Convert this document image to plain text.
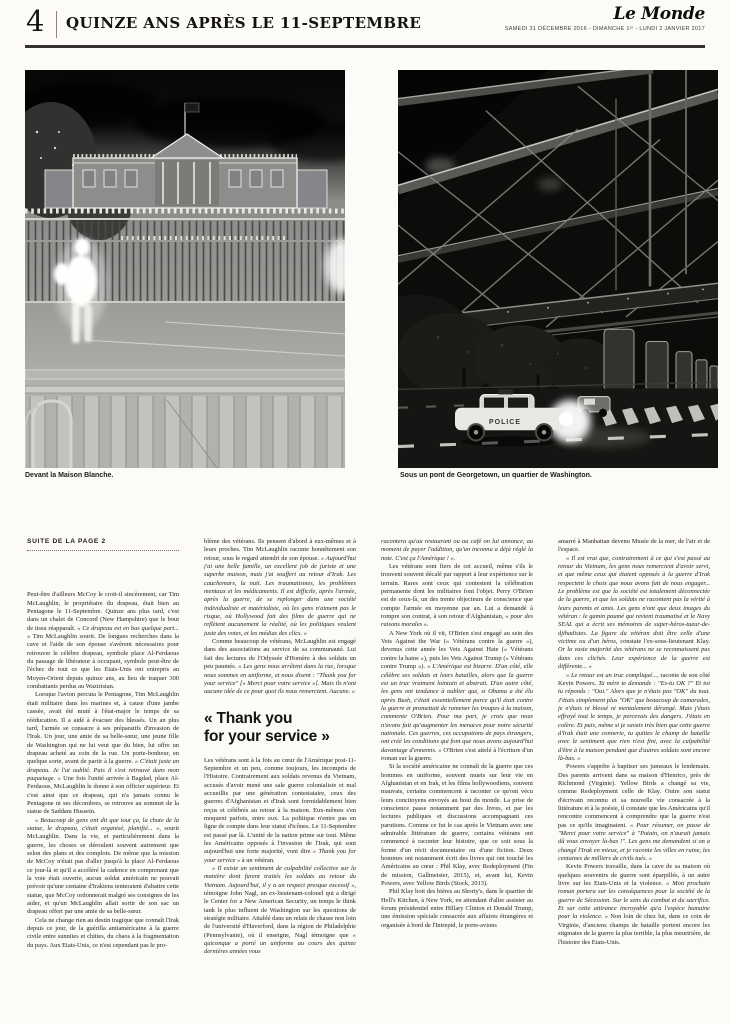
4 QUINZE ANS APRÈS LE 11-SEPTEMBRE	Le Monde
SAMEDI 31 DÉCEMBRE 2016 - DIMANCHE 1ᵉʳ - LUNDI 2 JANVIER 2017
POLICE
Devant la Maison Blanche.	Sous un pont de Georgetown, un quartier de Washington.
SUITE DE LA PAGE 2

Peut-être d'ailleurs McCoy le croit-il sincèrement, car Tim McLaughlin, le propriétaire du drapeau, était bien au Pentagone le 11-Septembre. Quinze ans plus tard, c'est dans un chalet de Concord (New Hampshire) que le bout de tissu réapparaît. « Ce drapeau est en bas quelque part... » Tim McLaughlin sourit. De longues recherches dans la cave et l'aide de son épouse s'avèrent nécessaires pour retrouver le célèbre drapeau, symbole place Al-Ferdaous du passage de libérateur à occupant, symbole peut-être de l'échec de tout ce que les Etats-Unis ont entrepris au Moyen-Orient depuis quinze ans, au lieu de traquer 300 combattants perdus au Waziristan.

Lorsque l'avion percuta le Pentagone, Tim McLaughlin était militaire dans les marines et, à cause d'une jambe cassée, avait été muté à l'état-major le temps de sa rééducation. Il a aidé à évacuer des blessés. Un an plus tard, l'armée se consacre à ses préparatifs d'invasion de l'Irak. Un jour, une amie de sa belle-sœur, une jeune fille de Washington qui ne lui veut que du bien, lui offre un drapeau acheté au coin de la rue. Un porte-bonheur, en quelque sorte, avant de partir à la guerre. « C'était juste un drapeau. Je l'ai oublié. Puis il s'est retrouvé dans mon paquetage. » Une fois l'unité arrivée à Bagdad, place Al-Ferdaous, McLaughlin le donne à son officier supérieur. Et c'est ainsi que ce drapeau, qui n'a jamais connu le Pentagone ni ses décombres, se retrouve au sommet de la statue de Saddam Hussein.

« Beaucoup de gens ont dit que tout ça, la chute de la statue, le drapeau, c'était organisé, planifié... », sourit McLaughlin. Dans la vie, et particulièrement dans la guerre, les choses se déroulent souvent autrement que selon des plans et des complots. De même que la mission de McCoy n'était pas d'aller jusqu'à la place Al-Ferdaous ce jour-là et qu'il a accéléré la cadence en comprenant que la voie était ouverte, aucun soldat américain ne pouvait prévoir qu'une centaine d'Irakiens tenteraient d'abattre cette statue, que McCoy ordonnerait malgré ses consignes de les aider, et qu'un McLaughlin allait sortir de son sac un drapeau offert par une amie de sa belle-sœur.

Cela ne change rien au destin tragique que connaît l'Irak depuis ce jour, de la guérilla antiaméricaine à la guerre civile entre sunnites et chiites, du chaos à la fragmentation du pays. Aux Etats-Unis, ce n'est cependant pas le pro-

blème des vétérans. Ils pensent d'abord à eux-mêmes et à leurs proches. Tim McLaughlin raconte honnêtement son retour, sous le regard attendri de son épouse. « Aujourd'hui j'ai une belle famille, un excellent job de juriste et une superbe maison, mais j'ai souffert au retour d'Irak. Les cauchemars, la nuit. Les traumatismes, les problèmes mentaux et les médicaments. Il est difficile, après l'armée, après la guerre, de se replonger dans une société individualiste et matérialiste, où les gens n'aiment pas le risque, où Hollywood fait des films de guerre qui ne reflètent aucunement la réalité, où les politiques veulent juste des votes, et les médias des clics. »

Comme beaucoup de vétérans, McLaughlin est engagé dans des associations au service de sa communauté. Lui fait des lectures de l'Odyssée d'Homère à des soldats un peu paumés. « Les gens nous arrêtent dans la rue, lorsque nous sommes en uniforme, et nous disent : "Thank you for your service" [« Merci pour votre service »]. Mais ils n'ont aucune idée de ce pour quoi ils nous remercient. Aucune. »

« Thank you
for your service »

Les vétérans sont à la fois au cœur de l'Amérique post-11-Septembre et un peu, comme toujours, les incompris de l'Histoire. Contrairement aux soldats revenus du Vietnam, accusés d'avoir mené une sale guerre colonialiste et mal accueillis par une génération contestataire, ceux des guerres d'Afghanistan et d'Irak sont formidablement bien reçus et célébrés au retour à la maison. Eux-mêmes s'en moquent parfois, entre eux. La politique n'entre pas en ligne de compte dans leur statut d'icônes. Le 11-Septembre est passé par là. L'unité de la nation prime sur tout. Même les Américains opposés à l'invasion de l'Irak, qui sont aujourd'hui une forte majorité, vont dire « Thank you for your service » à un vétéran.

« Il existe un sentiment de culpabilité collective sur la manière dont furent traités les soldats au retour du Vietnam. Aujourd'hui, il y a un respect presque excessif », témoigne John Nagl, un ex-lieutenant-colonel qui a dirigé le Center for a New American Security, un temps le think tank le plus influent de Washington sur les questions de stratégie militaire. Attablé dans un relais de chasse non loin de l'université d'Haverford, dans la région de Philadelphie (Pennsylvanie), où il enseigne, Nagl témoigne que « quiconque a porté un uniforme au cours des quinze dernières années vous

racontera qu'au restaurant ou au café on lui annonce, au moment de payer l'addition, qu'un inconnu a déjà réglé la note. C'est ça l'Amérique ! ».

Les vétérans sont fiers de cet accueil, même s'ils le trouvent souvent décalé par rapport à leur expérience sur le terrain. Rares sont ceux qui contestent la célébration permanente dont les militaires font l'objet. Perry O'Brien est de ceux-là, un des trente objecteurs de conscience que compte l'armée en moyenne par an. Lui a demandé à rompre son contrat, à son retour d'Afghanistan, « pour des raisons morales ».

A New York où il vit, O'Brien s'est engagé au sein des Vets Against the War (« Vétérans contre la guerre »), devenus cette année les Vets Against Hate (« Vétérans contre la haine »), puis les Vets Against Trump (« Vétérans contre Trump »). « L'Amérique est bizarre. D'un côté, elle célèbre ses soldats et leurs batailles, alors que la guerre est un truc vraiment lointain et abstrait. D'un autre côté, les gens ont tendance à oublier que, si Obama a été élu après Bush, c'était essentiellement parce qu'il était contre la guerre et promettait de ramener les troupes à la maison, commente O'Brien. Pour ma part, je crois que nous n'avons fait qu'augmenter les menaces pour notre sécurité nationale. Ces guerres, ces occupations de pays étrangers, ont créé les conditions qui font que nous avons aujourd'hui davantage d'ennemis. » O'Brien s'est attelé à l'écriture d'un roman sur la guerre.

Si la société américaine ne connaît de la guerre que ces hommes en uniforme, souvent muets sur leur vie en Afghanistan et en Irak, et les films hollywoodiens, souvent mauvais, certains commencent à raconter ce qu'ont vécu leurs concitoyens envoyés au bout du monde. La prise de conscience passe notamment par des livres, et par les lectures publiques et discussions accompagnant ces parutions. Comme ce fut le cas après le Vietnam avec une admirable littérature de guerre, certains vétérans ont commencé à raconter leur histoire, que ce soit sous la forme d'un récit documentaire ou d'une fiction. Deux hommes ont notamment écrit des livres qui ont touché les Américains au cœur : Phil Klay, avec Redeployment (Fin de mission, Gallmeister, 2015), et, avant lui, Kevin Powers, avec Yellow Birds (Stock, 2013).

Phil Klay boit des bières au Shorty's, dans le quartier de Hell's Kitchen, à New York, en attendant d'aller assister au forum présidentiel entre Hillary Clinton et Donald Trump, une émission spéciale consacrée aux affaires étrangères et organisée à bord de l'Intrepid, le porte-avions

amarré à Manhattan devenu Musée de la mer, de l'air et de l'espace.

« Il est vrai que, contrairement à ce qui s'est passé au retour du Vietnam, les gens nous remercient d'avoir servi, et que même ceux qui étaient opposés à la guerre d'Irak respectent le choix que nous avons fait de nous engager... Le problème est que la société est totalement déconnectée de la guerre, et que les soldats ne racontent pas la vérité à leurs parents et amis. Les gens n'ont que deux images du vétéran : le gamin paumé qui revient traumatisé et le Navy SEAL qui a écrit ses mémoires de super-héros-tueur-de-djihadistes. La figure du vétéran doit être celle d'une victime ou d'un héros, constate l'ex-sous-lieutenant Klay. Or la vaste majorité des vétérans ne se reconnaissent pas dans ces clichés. Leur expérience de la guerre est différente... »

« Le retour est un truc compliqué..., raconte de son côté Kevin Powers. Ta mère te demande : "Es-tu OK ?" Et toi tu réponds : "Oui." Alors que je n'étais pas "OK" du tout. J'étais simplement plus "OK" que beaucoup de camarades, je n'étais ni blessé ni mentalement dérangé. Mais j'étais effrayé tout le temps, je percevais des dangers. J'étais en colère. Et puis, même si je savais très bien que cette guerre d'Irak était une connerie, tu quittes le champ de bataille avec le sentiment que rien n'est fini, avec la culpabilité d'être à la maison pendant que d'autres soldats sont encore là-bas. »

Powers s'apprête à baptiser ses jumeaux le lendemain. Des parents arrivent dans sa maison d'Henrico, près de Richmond (Virginie). Yellow Birds a changé sa vie, comme Redeployment celle de Klay. Outre son statut d'écrivain reconnu et sa nouvelle vie consacrée à la littérature et à la poésie, il constate que les Américains qu'il rencontre commencent à comprendre que la guerre n'est pas ce qu'ils imaginaient. « Pour résumer, on passe de "Merci pour votre service" à "Putain, on n'aurait jamais dû vous envoyer là-bas !". Les gens me demandent si on a changé l'Irak en mieux, et je raconte les villes en ruine, les centaines de milliers de civils tués. »

Kevin Powers travaille, dans la cave de sa maison où quelques souvenirs de guerre sont éparpillés, à un autre livre sur les Etats-Unis et la violence. « Mon prochain roman portera sur les conséquences pour la société de la guerre de Sécession. Sur le sens du combat et du sacrifice. Et sur cette attirance incroyable qu'a l'espèce humaine pour la violence. » Non loin de chez lui, dans ce coin de Virginie, d'anciens champs de bataille portent encore les stigmates de la guerre la plus terrible, la plus meurtrière, de l'histoire des Etats-Unis.
